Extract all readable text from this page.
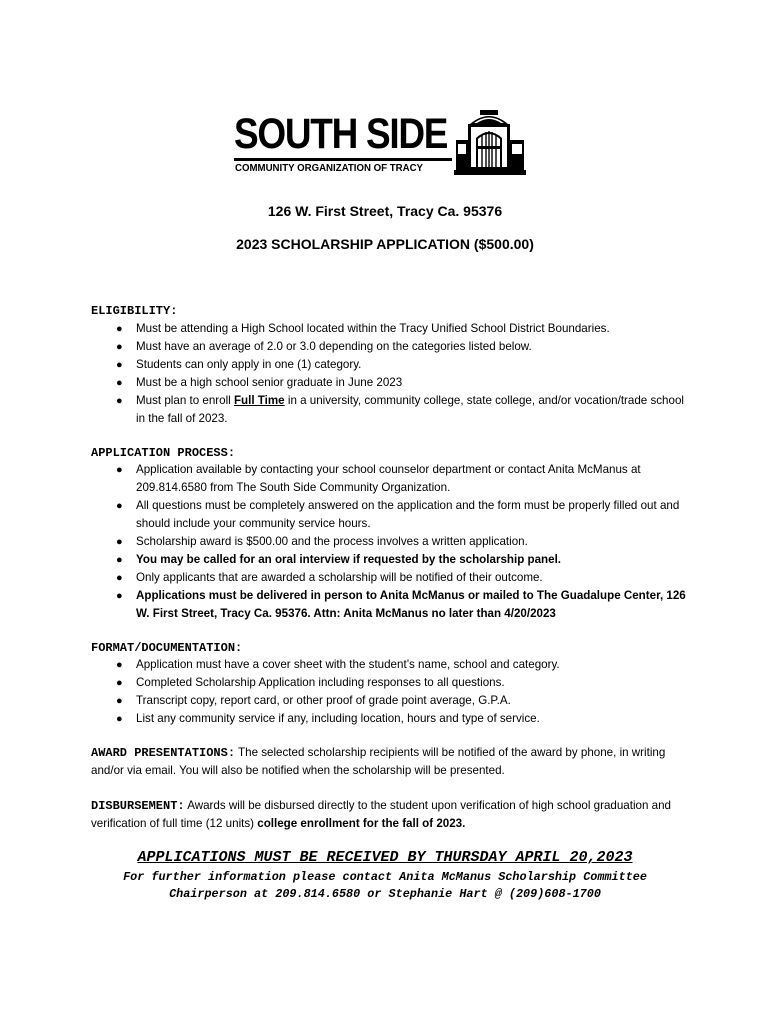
SOUTH SIDE
COMMUNITY ORGANIZATION OF TRACY
126 W. First Street, Tracy Ca. 95376
2023 SCHOLARSHIP APPLICATION ($500.00)
ELIGIBILITY:
● Must be attending a High School located within the Tracy Unified School District Boundaries.
● Must have an average of 2.0 or 3.0 depending on the categories listed below.
● Students can only apply in one (1) category.
● Must be a high school senior graduate in June 2023
● Must plan to enroll Full Time in a university, community college, state college, and/or vocation/trade school in the fall of 2023.
APPLICATION PROCESS:
● Application available by contacting your school counselor department or contact Anita McManus at 209.814.6580 from The South Side Community Organization.
● All questions must be completely answered on the application and the form must be properly filled out and should include your community service hours.
● Scholarship award is $500.00 and the process involves a written application.
● You may be called for an oral interview if requested by the scholarship panel.
● Only applicants that are awarded a scholarship will be notified of their outcome.
● Applications must be delivered in person to Anita McManus or mailed to The Guadalupe Center, 126 W. First Street, Tracy Ca. 95376. Attn: Anita McManus no later than 4/20/2023
FORMAT/DOCUMENTATION:
● Application must have a cover sheet with the student’s name, school and category.
● Completed Scholarship Application including responses to all questions.
● Transcript copy, report card, or other proof of grade point average, G.P.A.
● List any community service if any, including location, hours and type of service.
AWARD PRESENTATIONS: The selected scholarship recipients will be notified of the award by phone, in writing and/or via email. You will also be notified when the scholarship will be presented.
DISBURSEMENT: Awards will be disbursed directly to the student upon verification of high school graduation and verification of full time (12 units) college enrollment for the fall of 2023.
APPLICATIONS MUST BE RECEIVED BY THURSDAY APRIL 20,2023
For further information please contact Anita McManus Scholarship Committee
Chairperson at 209.814.6580 or Stephanie Hart @ (209)608-1700
